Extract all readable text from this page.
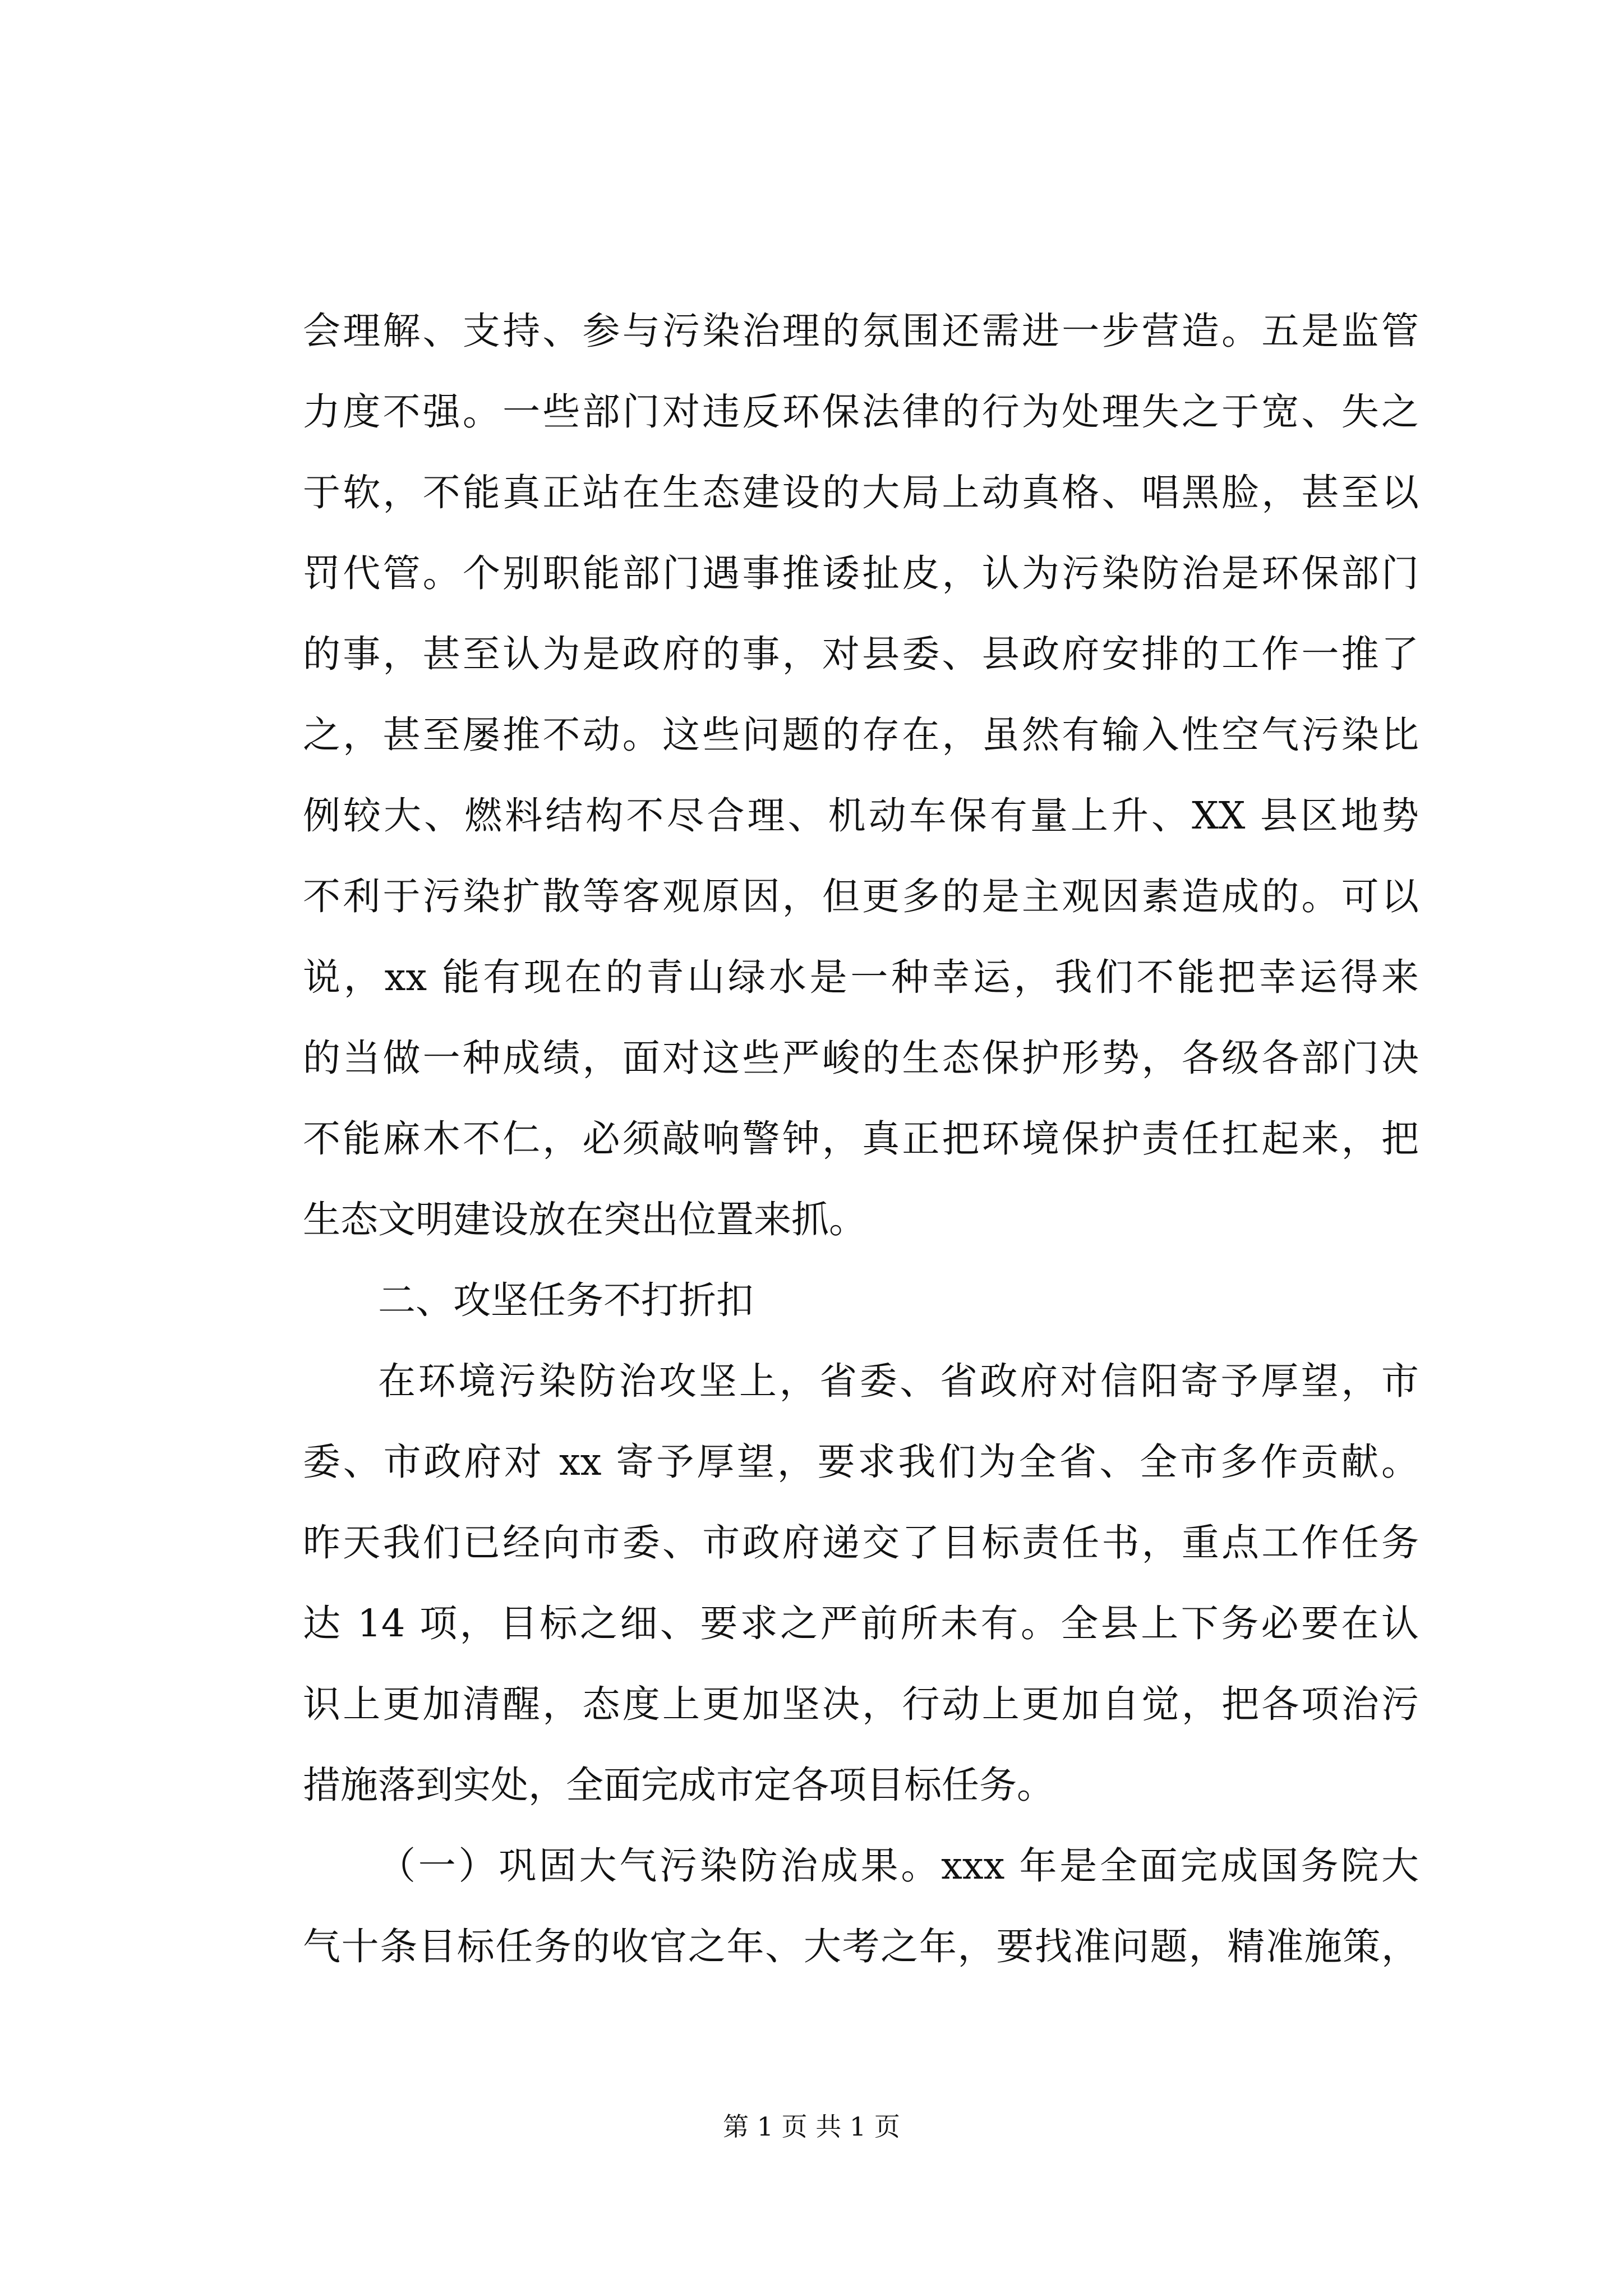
会理解、支持、参与污染治理的氛围还需进一步营造。五是监管
力度不强。一些部门对违反环保法律的行为处理失之于宽、失之
于软，不能真正站在生态建设的大局上动真格、唱黑脸，甚至以
罚代管。个别职能部门遇事推诿扯皮，认为污染防治是环保部门
的事，甚至认为是政府的事，对县委、县政府安排的工作一推了
之，甚至屡推不动。这些问题的存在，虽然有输入性空气污染比
例较大、燃料结构不尽合理、机动车保有量上升、XX 县区地势
不利于污染扩散等客观原因，但更多的是主观因素造成的。可以
说，xx 能有现在的青山绿水是一种幸运，我们不能把幸运得来
的当做一种成绩，面对这些严峻的生态保护形势，各级各部门决
不能麻木不仁，必须敲响警钟，真正把环境保护责任扛起来，把
生态文明建设放在突出位置来抓。
二、攻坚任务不打折扣
在环境污染防治攻坚上，省委、省政府对信阳寄予厚望，市
委、市政府对 xx 寄予厚望，要求我们为全省、全市多作贡献。
昨天我们已经向市委、市政府递交了目标责任书，重点工作任务
达 14 项，目标之细、要求之严前所未有。全县上下务必要在认
识上更加清醒，态度上更加坚决，行动上更加自觉，把各项治污
措施落到实处，全面完成市定各项目标任务。
（一）巩固大气污染防治成果。xxx 年是全面完成国务院大
气十条目标任务的收官之年、大考之年，要找准问题，精准施策，
第 1 页 共 1 页
